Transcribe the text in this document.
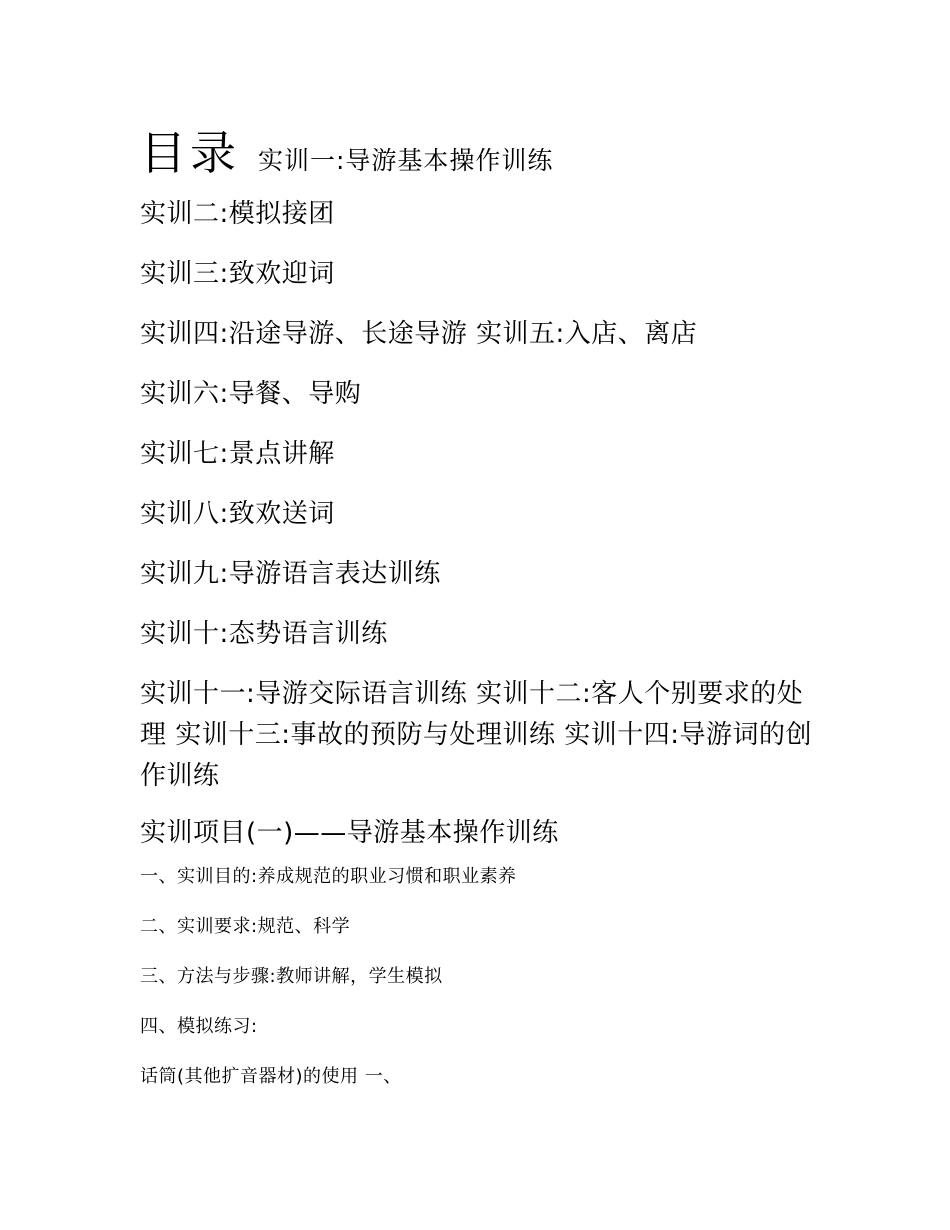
目录 实训一:导游基本操作训练
实训二:模拟接团
实训三:致欢迎词
实训四:沿途导游、长途导游 实训五:入店、离店
实训六:导餐、导购
实训七:景点讲解
实训八:致欢送词
实训九:导游语言表达训练
实训十:态势语言训练
实训十一:导游交际语言训练 实训十二:客人个别要求的处理 实训十三:事故的预防与处理训练 实训十四:导游词的创作训练
实训项目(一)——导游基本操作训练
一、实训目的:养成规范的职业习惯和职业素养
二、实训要求:规范、科学
三、方法与步骤:教师讲解，学生模拟
四、模拟练习:
话筒(其他扩音器材)的使用 一、
